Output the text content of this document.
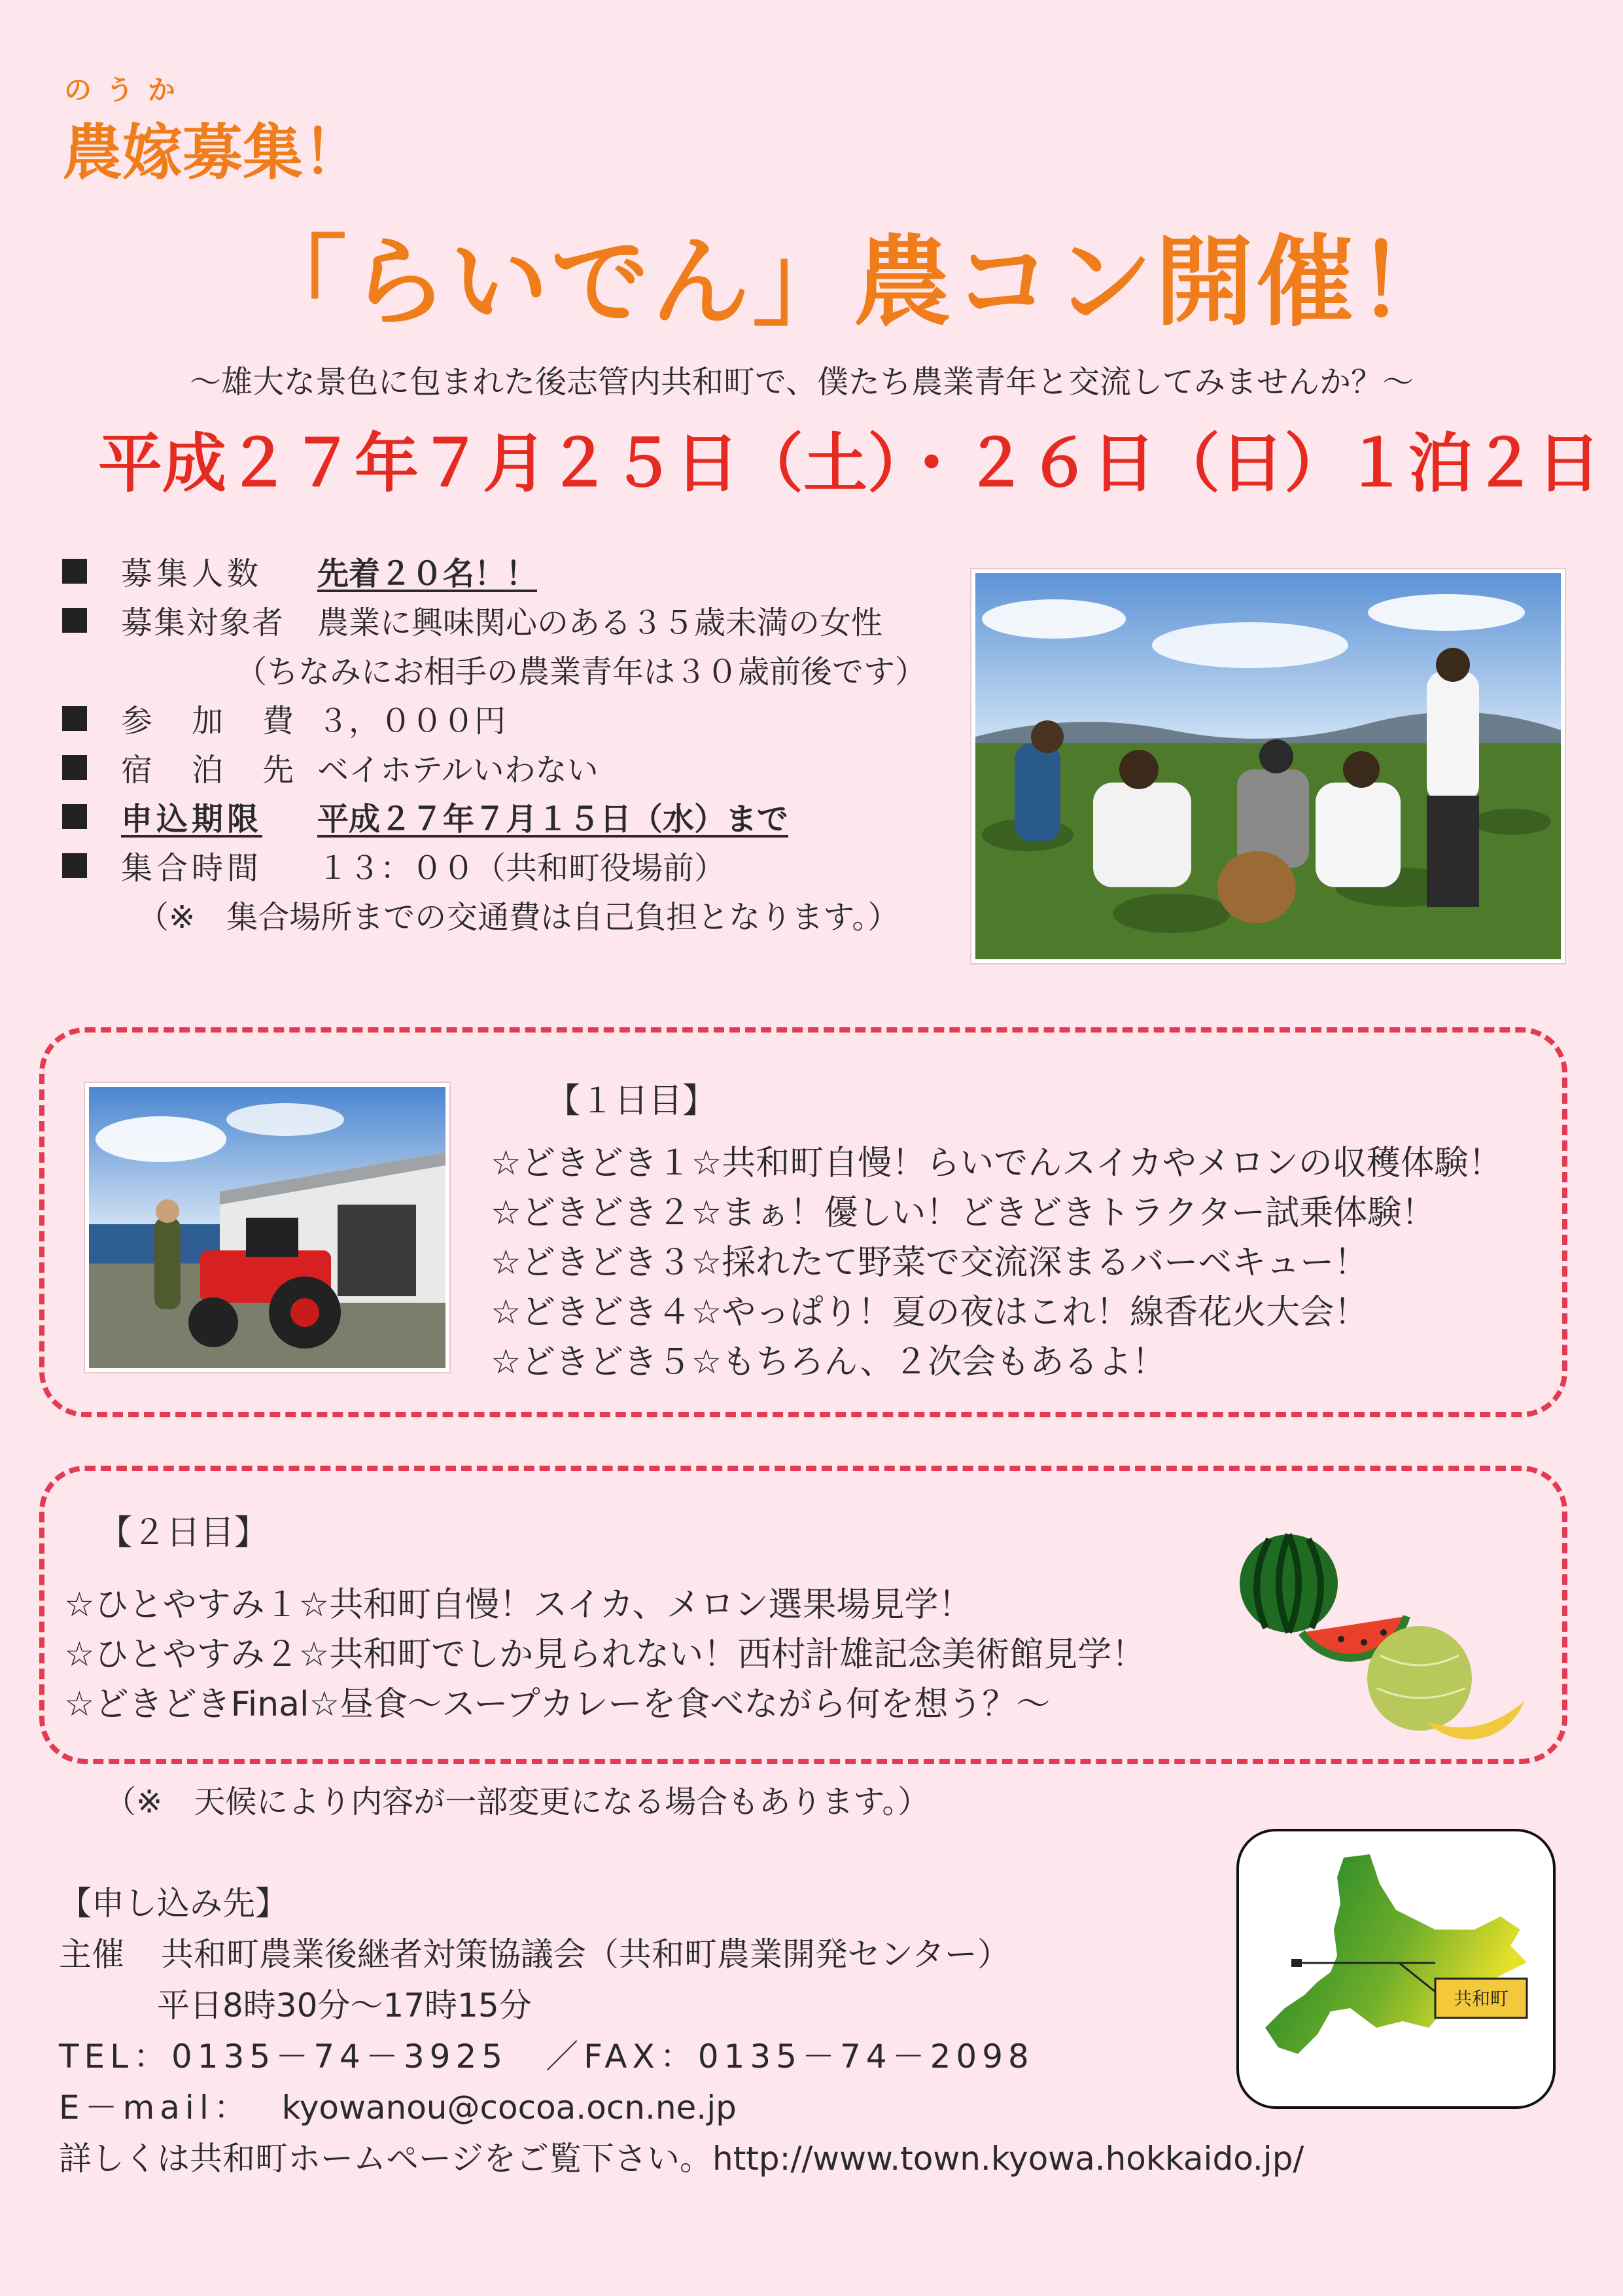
のうか
農嫁募集！
「らいでん」農コン開催！
～雄大な景色に包まれた後志管内共和町で、僕たち農業青年と交流してみませんか？～
平成２７年７月２５日（土）・２６日（日）
１泊２日
募集人数	先着２０名！！
募集対象者	農業に興味関心のある３５歳未満の女性
（ちなみにお相手の農業青年は３０歳前後です）
参　加　費 ３，０００円
宿　泊　先 ベイホテルいわない
申込期限	平成２７年７月１５日（水）まで
集合時間	１３：００（共和町役場前）
（※　集合場所までの交通費は自己負担となります。）
【１日目】
☆どきどき１☆共和町自慢！らいでんスイカやメロンの収穫体験！
☆どきどき２☆まぁ！優しい！どきどきトラクター試乗体験！
☆どきどき３☆採れたて野菜で交流深まるバーベキュー！
☆どきどき４☆やっぱり！夏の夜はこれ！線香花火大会！
☆どきどき５☆もちろん、２次会もあるよ！
【２日目】
☆ひとやすみ１☆共和町自慢！スイカ、メロン選果場見学！
☆ひとやすみ２☆共和町でしか見られない！西村計雄記念美術館見学！
☆どきどきFinal☆昼食～スープカレーを食べながら何を想う？～
（※　天候により内容が一部変更になる場合もあります。）
【申し込み先】
主催 共和町農業後継者対策協議会（共和町農業開発センター）
平日8時30分～17時15分
TEL：0135－74－3925　／FAX：0135－74－2098
E－mail： kyowanou@cocoa.ocn.ne.jp
詳しくは共和町ホームページをご覧下さい。http://www.town.kyowa.hokkaido.jp/
共和町
